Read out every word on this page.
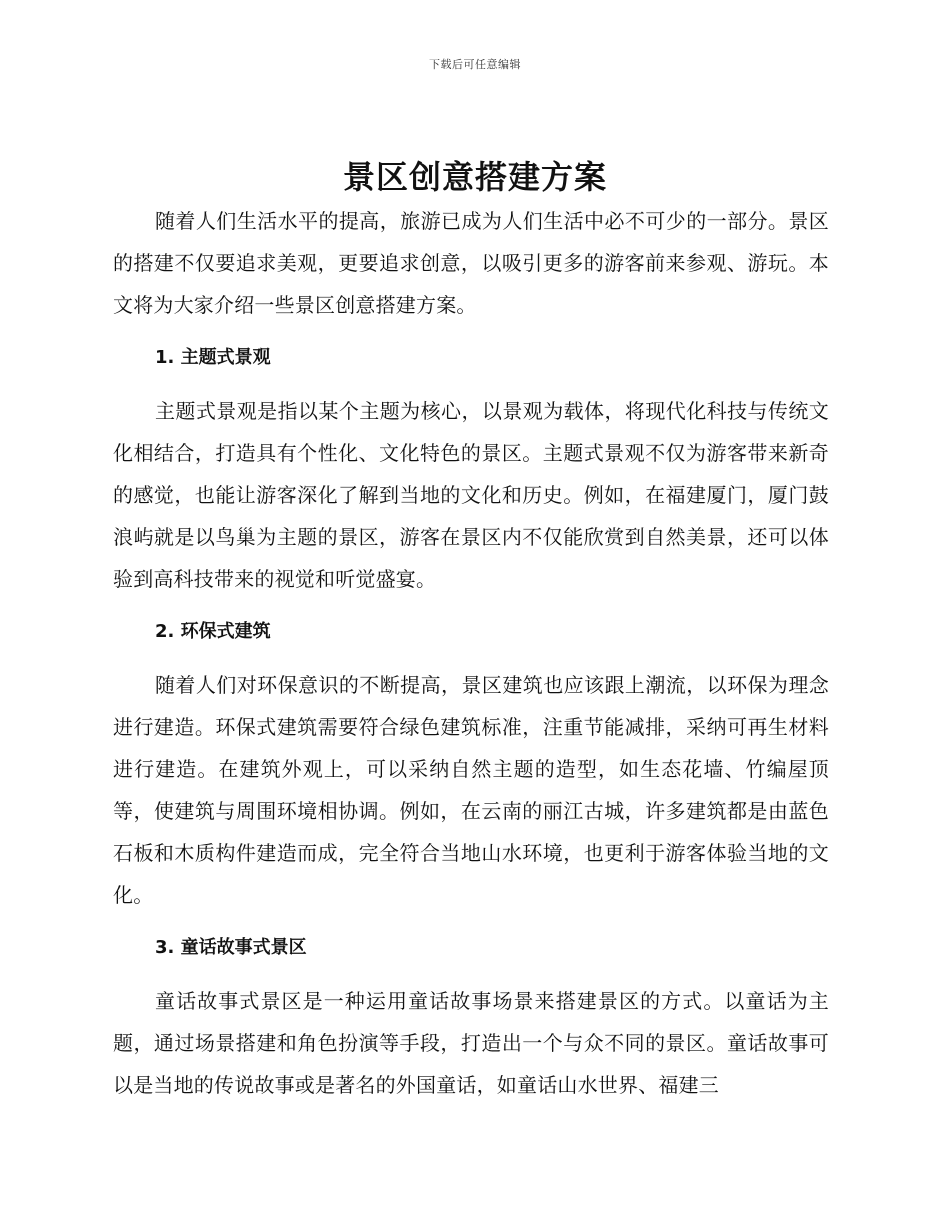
下载后可任意编辑
景区创意搭建方案

随着人们生活水平的提高，旅游已成为人们生活中必不可少的一部分。景区的搭建不仅要追求美观，更要追求创意，以吸引更多的游客前来参观、游玩。本文将为大家介绍一些景区创意搭建方案。

1. 主题式景观

主题式景观是指以某个主题为核心，以景观为载体，将现代化科技与传统文化相结合，打造具有个性化、文化特色的景区。主题式景观不仅为游客带来新奇的感觉，也能让游客深化了解到当地的文化和历史。例如，在福建厦门，厦门鼓浪屿就是以鸟巢为主题的景区，游客在景区内不仅能欣赏到自然美景，还可以体验到高科技带来的视觉和听觉盛宴。

2. 环保式建筑

随着人们对环保意识的不断提高，景区建筑也应该跟上潮流，以环保为理念进行建造。环保式建筑需要符合绿色建筑标准，注重节能减排，采纳可再生材料进行建造。在建筑外观上，可以采纳自然主题的造型，如生态花墙、竹编屋顶等，使建筑与周围环境相协调。例如，在云南的丽江古城，许多建筑都是由蓝色石板和木质构件建造而成，完全符合当地山水环境，也更利于游客体验当地的文化。

3. 童话故事式景区

童话故事式景区是一种运用童话故事场景来搭建景区的方式。以童话为主题，通过场景搭建和角色扮演等手段，打造出一个与众不同的景区。童话故事可以是当地的传说故事或是著名的外国童话，如童话山水世界、福建三
